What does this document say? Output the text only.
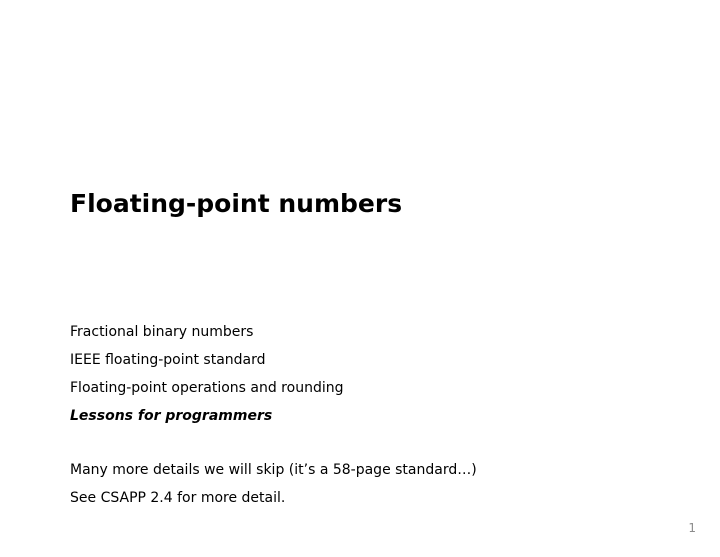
Floating-point numbers
Fractional binary numbers
IEEE floating-point standard
Floating-point operations and rounding
Lessons for programmers
Many more details we will skip (it’s a 58-page standard…)
See CSAPP 2.4 for more detail.
1
